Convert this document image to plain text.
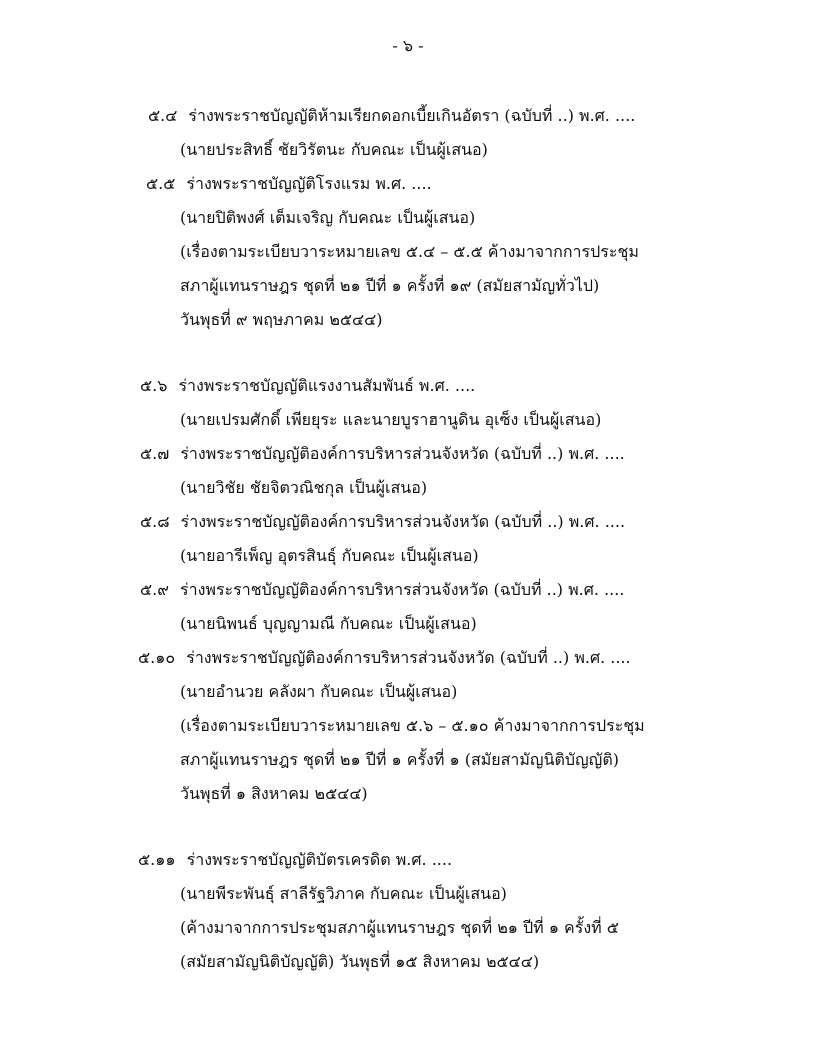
- ๖ -
๕.๔ ร่างพระราชบัญญัติห้ามเรียกดอกเบี้ยเกินอัตรา (ฉบับที่ ..) พ.ศ. ....
(นายประสิทธิ์ ชัยวิรัตนะ กับคณะ เป็นผู้เสนอ)
๕.๕ ร่างพระราชบัญญัติโรงแรม พ.ศ. ....
(นายปิติพงศ์ เต็มเจริญ กับคณะ เป็นผู้เสนอ)
(เรื่องตามระเบียบวาระหมายเลข ๕.๔ – ๕.๕ ค้างมาจากการประชุม
สภาผู้แทนราษฎร ชุดที่ ๒๑ ปีที่ ๑ ครั้งที่ ๑๙ (สมัยสามัญทั่วไป)
วันพุธที่ ๙ พฤษภาคม ๒๕๔๔)
๕.๖ ร่างพระราชบัญญัติแรงงานสัมพันธ์ พ.ศ. ....
(นายเปรมศักดิ์ เพียยุระ และนายบูราฮานูดิน อุเซ็ง เป็นผู้เสนอ)
๕.๗ ร่างพระราชบัญญัติองค์การบริหารส่วนจังหวัด (ฉบับที่ ..) พ.ศ. ....
(นายวิชัย ชัยจิตวณิชกุล เป็นผู้เสนอ)
๕.๘ ร่างพระราชบัญญัติองค์การบริหารส่วนจังหวัด (ฉบับที่ ..) พ.ศ. ....
(นายอารีเพ็ญ อุตรสินธุ์ กับคณะ เป็นผู้เสนอ)
๕.๙ ร่างพระราชบัญญัติองค์การบริหารส่วนจังหวัด (ฉบับที่ ..) พ.ศ. ....
(นายนิพนธ์ บุญญามณี กับคณะ เป็นผู้เสนอ)
๕.๑๐ ร่างพระราชบัญญัติองค์การบริหารส่วนจังหวัด (ฉบับที่ ..) พ.ศ. ....
(นายอำนวย คลังผา กับคณะ เป็นผู้เสนอ)
(เรื่องตามระเบียบวาระหมายเลข ๕.๖ – ๕.๑๐ ค้างมาจากการประชุม
สภาผู้แทนราษฎร ชุดที่ ๒๑ ปีที่ ๑ ครั้งที่ ๑ (สมัยสามัญนิติบัญญัติ)
วันพุธที่ ๑ สิงหาคม ๒๕๔๔)
๕.๑๑ ร่างพระราชบัญญัติบัตรเครดิต พ.ศ. ....
(นายพีระพันธุ์ สาลีรัฐวิภาค กับคณะ เป็นผู้เสนอ)
(ค้างมาจากการประชุมสภาผู้แทนราษฎร ชุดที่ ๒๑ ปีที่ ๑ ครั้งที่ ๕
(สมัยสามัญนิติบัญญัติ) วันพุธที่ ๑๕ สิงหาคม ๒๕๔๔)
